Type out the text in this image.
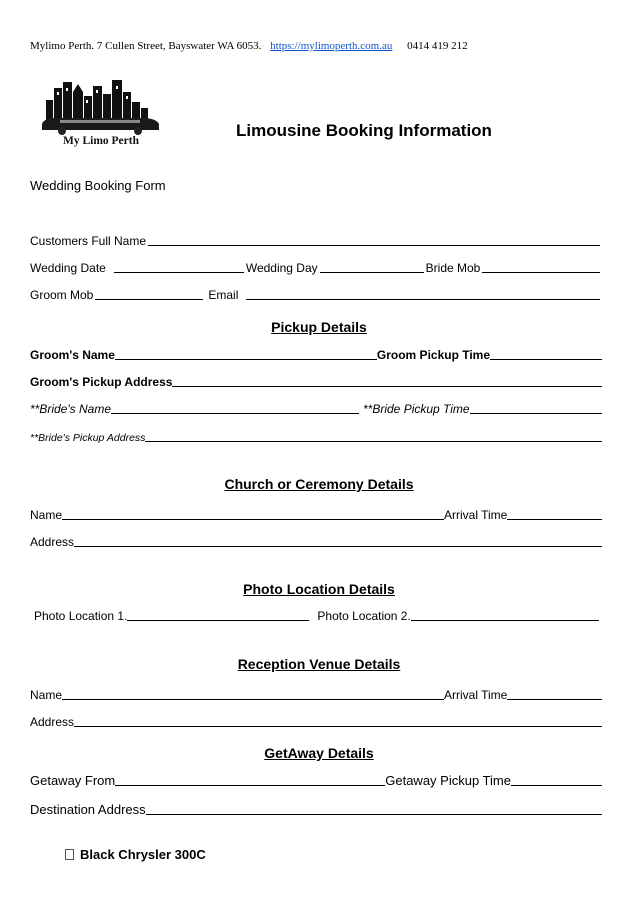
Mylimo Perth. 7 Cullen Street, Bayswater WA 6053. https://mylimoperth.com.au 0414 419 212
My Limo Perth
Limousine Booking Information
Wedding Booking Form
Customers Full Name
Wedding Date	Wedding Day	Bride Mob
Groom Mob	Email
Pickup Details
Groom's Name	Groom Pickup Time
Groom's Pickup Address
**Bride's Name	**Bride Pickup Time
**Bride's Pickup Address
Church or Ceremony Details
Name	Arrival Time
Address
Photo Location Details
Photo Location 1.	Photo Location 2.
Reception Venue Details
Name	Arrival Time
Address
GetAway Details
Getaway From	Getaway Pickup Time
Destination Address
Black Chrysler 300C
